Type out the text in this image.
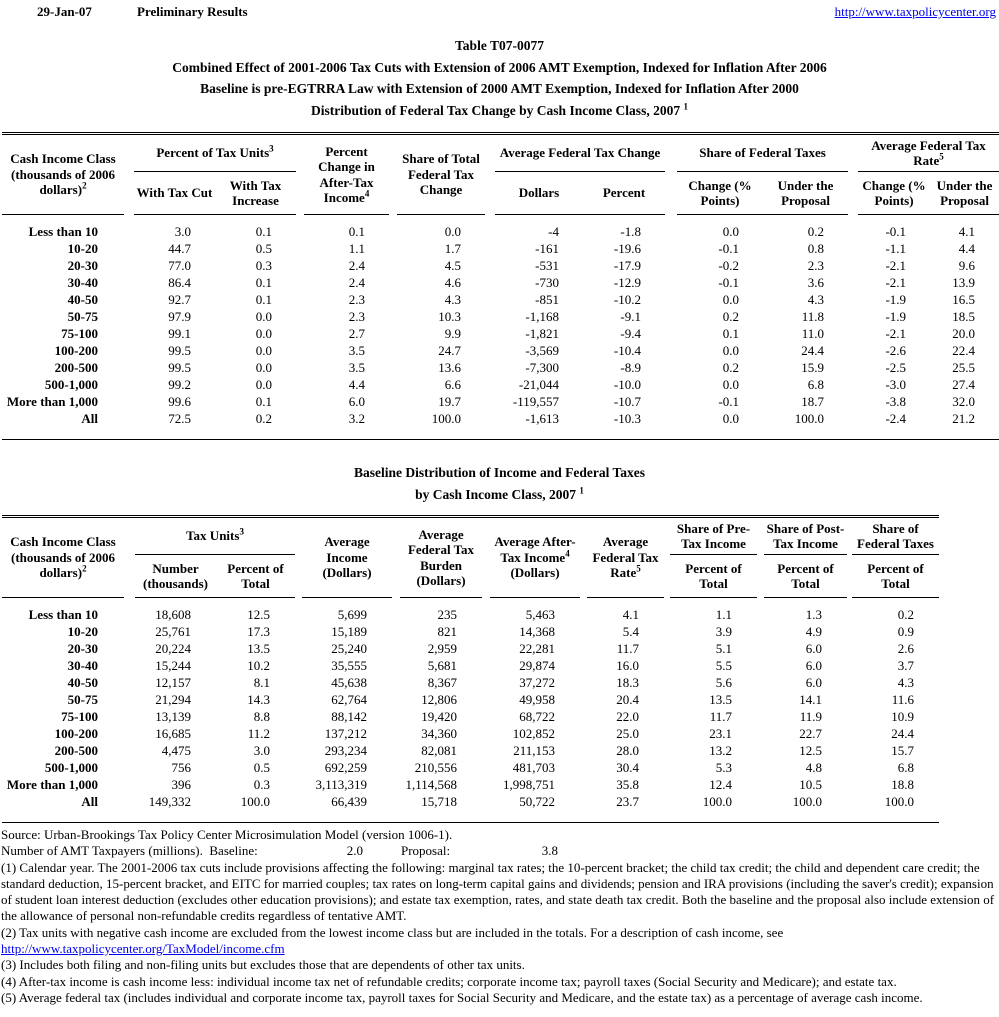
29-Jan-07	Preliminary Results	http://www.taxpolicycenter.org
Table T07-0077
Combined Effect of 2001-2006 Tax Cuts with Extension of 2006 AMT Exemption, Indexed for Inflation After 2006
Baseline is pre-EGTRRA Law with Extension of 2000 AMT Exemption, Indexed for Inflation After 2000
Distribution of Federal Tax Change by Cash Income Class, 2007 $^1$
Cash Income Class (thousands of 2006 dollars)$^2$		Percent of Tax Units$^3$			Percent Change in After-Tax Income$^4$		Share of Total Federal Tax Change		Average Federal Tax Change			Share of Federal Taxes			Average Federal Tax Rate$^5$
		With Tax Cut	With Tax Increase						Dollars	Percent		Change (% Points)	Under the Proposal		Change (% Points)	Under the Proposal
Less than 10		3.0	0.1		0.1		0.0		-4	-1.8		0.0	0.2		-0.1	4.1
10-20		44.7	0.5		1.1		1.7		-161	-19.6		-0.1	0.8		-1.1	4.4
20-30		77.0	0.3		2.4		4.5		-531	-17.9		-0.2	2.3		-2.1	9.6
30-40		86.4	0.1		2.4		4.6		-730	-12.9		-0.1	3.6		-2.1	13.9
40-50		92.7	0.1		2.3		4.3		-851	-10.2		0.0	4.3		-1.9	16.5
50-75		97.9	0.0		2.3		10.3		-1,168	-9.1		0.2	11.8		-1.9	18.5
75-100		99.1	0.0		2.7		9.9		-1,821	-9.4		0.1	11.0		-2.1	20.0
100-200		99.5	0.0		3.5		24.7		-3,569	-10.4		0.0	24.4		-2.6	22.4
200-500		99.5	0.0		3.5		13.6		-7,300	-8.9		0.2	15.9		-2.5	25.5
500-1,000		99.2	0.0		4.4		6.6		-21,044	-10.0		0.0	6.8		-3.0	27.4
More than 1,000		99.6	0.1		6.0		19.7		-119,557	-10.7		-0.1	18.7		-3.8	32.0
All		72.5	0.2		3.2		100.0		-1,613	-10.3		0.0	100.0		-2.4	21.2
Baseline Distribution of Income and Federal Taxes
by Cash Income Class, 2007 $^1$
Cash Income Class (thousands of 2006 dollars)$^2$		Tax Units$^3$			Average Income (Dollars)		Average Federal Tax Burden (Dollars)		Average After-Tax Income$^4$ (Dollars)		Average Federal Tax Rate$^5$		Share of Pre-Tax Income		Share of Post-Tax Income		Share of Federal Taxes
		Number (thousands)	Percent of Total										Percent of Total		Percent of Total		Percent of Total
Less than 10		18,608	12.5		5,699		235		5,463		4.1		1.1		1.3		0.2
10-20		25,761	17.3		15,189		821		14,368		5.4		3.9		4.9		0.9
20-30		20,224	13.5		25,240		2,959		22,281		11.7		5.1		6.0		2.6
30-40		15,244	10.2		35,555		5,681		29,874		16.0		5.5		6.0		3.7
40-50		12,157	8.1		45,638		8,367		37,272		18.3		5.6		6.0		4.3
50-75		21,294	14.3		62,764		12,806		49,958		20.4		13.5		14.1		11.6
75-100		13,139	8.8		88,142		19,420		68,722		22.0		11.7		11.9		10.9
100-200		16,685	11.2		137,212		34,360		102,852		25.0		23.1		22.7		24.4
200-500		4,475	3.0		293,234		82,081		211,153		28.0		13.2		12.5		15.7
500-1,000		756	0.5		692,259		210,556		481,703		30.4		5.3		4.8		6.8
More than 1,000		396	0.3		3,113,319		1,114,568		1,998,751		35.8		12.4		10.5		18.8
All		149,332	100.0		66,439		15,718		50,722		23.7		100.0		100.0		100.0
Source: Urban-Brookings Tax Policy Center Microsimulation Model (version 1006-1).
Number of AMT Taxpayers (millions).  Baseline:	2.0	Proposal:	3.8
(1) Calendar year. The 2001-2006 tax cuts include provisions affecting the following: marginal tax rates; the 10-percent bracket; the child tax credit; the child and dependent care credit; the standard deduction, 15-percent bracket, and EITC for married couples; tax rates on long-term capital gains and dividends; pension and IRA provisions (including the saver's credit); expansion of student loan interest deduction (excludes other education provisions); and estate tax exemption, rates, and state death tax credit. Both the baseline and the proposal also include extension of the allowance of personal non-refundable credits regardless of tentative AMT.
(2) Tax units with negative cash income are excluded from the lowest income class but are included in the totals. For a description of cash income, see
http://www.taxpolicycenter.org/TaxModel/income.cfm
(3) Includes both filing and non-filing units but excludes those that are dependents of other tax units.
(4) After-tax income is cash income less: individual income tax net of refundable credits; corporate income tax; payroll taxes (Social Security and Medicare); and estate tax.
(5) Average federal tax (includes individual and corporate income tax, payroll taxes for Social Security and Medicare, and the estate tax) as a percentage of average cash income.
